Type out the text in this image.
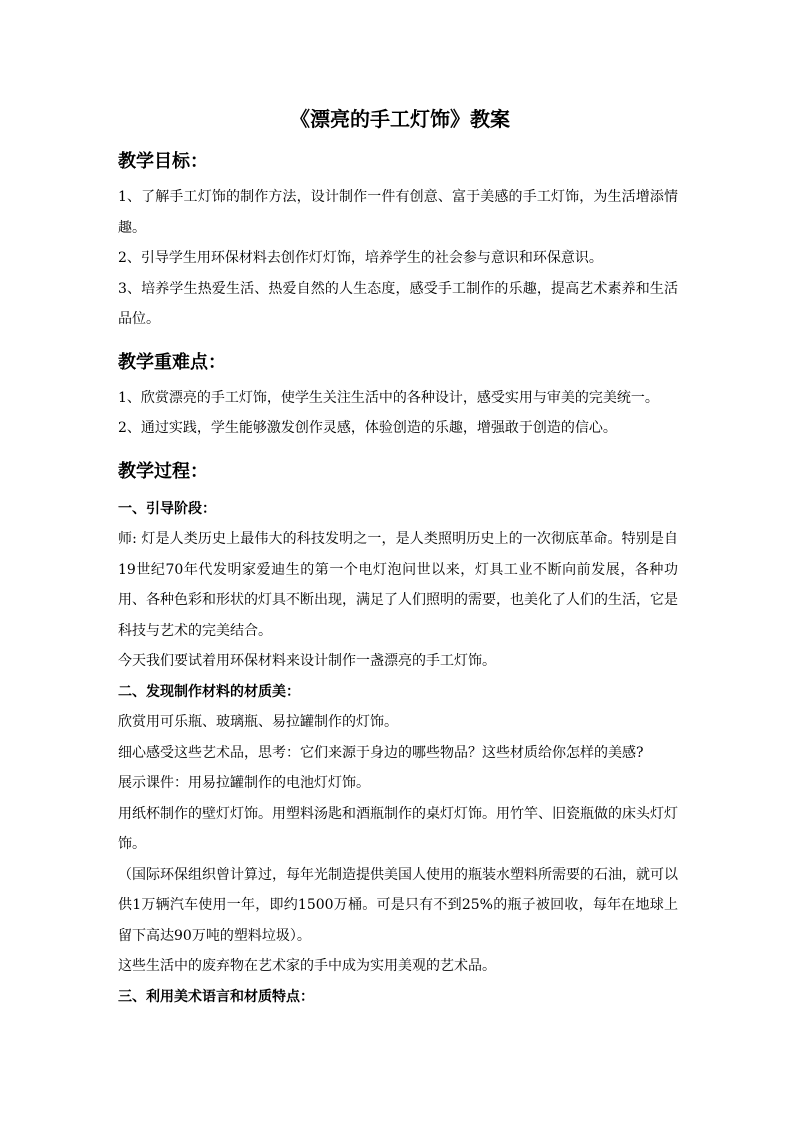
《漂亮的手工灯饰》教案
教学目标：

1、了解手工灯饰的制作方法，设计制作一件有创意、富于美感的手工灯饰，为生活增添情趣。

2、引导学生用环保材料去创作灯灯饰，培养学生的社会参与意识和环保意识。

3、培养学生热爱生活、热爱自然的人生态度，感受手工制作的乐趣，提高艺术素养和生活品位。

教学重难点：

1、欣赏漂亮的手工灯饰，使学生关注生活中的各种设计，感受实用与审美的完美统一。

2、通过实践，学生能够激发创作灵感，体验创造的乐趣，增强敢于创造的信心。

教学过程：

一、引导阶段：

师: 灯是人类历史上最伟大的科技发明之一，是人类照明历史上的一次彻底革命。特别是自19世纪70年代发明家爱迪生的第一个电灯泡问世以来，灯具工业不断向前发展，各种功用、各种色彩和形状的灯具不断出现，满足了人们照明的需要，也美化了人们的生活，它是科技与艺术的完美结合。

今天我们要试着用环保材料来设计制作一盏漂亮的手工灯饰。

二、发现制作材料的材质美：

欣赏用可乐瓶、玻璃瓶、易拉罐制作的灯饰。

细心感受这些艺术品，思考：它们来源于身边的哪些物品？这些材质给你怎样的美感?

展示课件：用易拉罐制作的电池灯灯饰。

用纸杯制作的壁灯灯饰。用塑料汤匙和酒瓶制作的桌灯灯饰。用竹竿、旧瓷瓶做的床头灯灯饰。

（国际环保组织曾计算过，每年光制造提供美国人使用的瓶装水塑料所需要的石油，就可以供1万辆汽车使用一年，即约1500万桶。可是只有不到25%的瓶子被回收，每年在地球上留下高达90万吨的塑料垃圾）。

这些生活中的废弃物在艺术家的手中成为实用美观的艺术品。

三、利用美术语言和材质特点：
